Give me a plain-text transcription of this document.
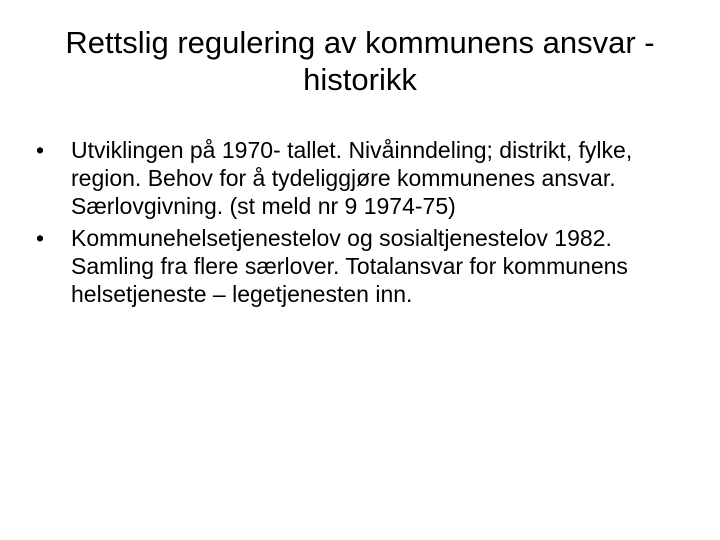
Rettslig regulering av kommunens ansvar - historikk
•	Utviklingen på 1970- tallet. Nivåinndeling; distrikt, fylke, region. Behov for å tydeliggjøre kommunenes ansvar. Særlovgivning. (st meld nr 9 1974-75)
•	Kommunehelsetjenestelov og sosialtjenestelov 1982. Samling fra flere særlover. Totalansvar for kommunens helsetjeneste – legetjenesten inn.
